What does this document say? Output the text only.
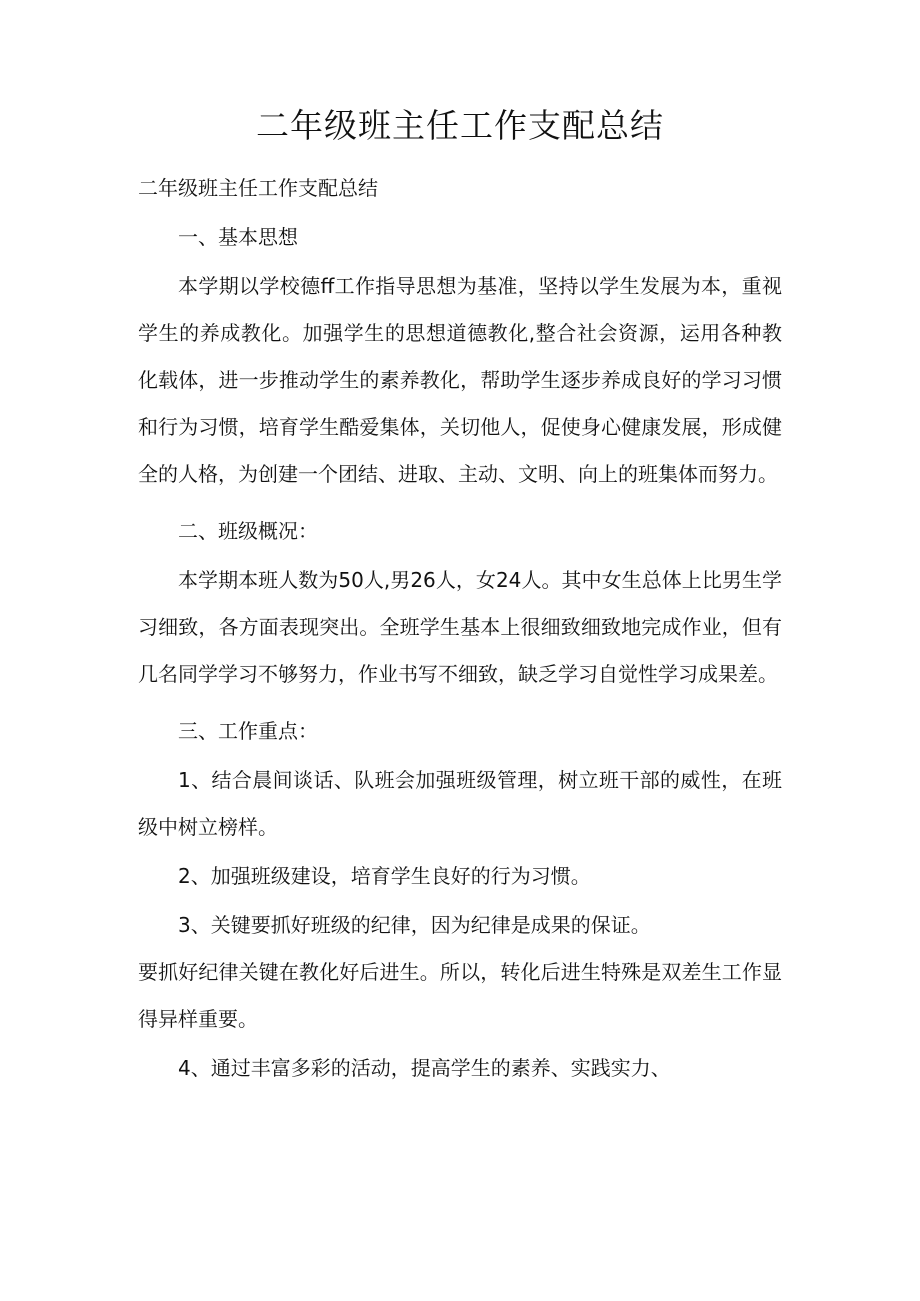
二年级班主任工作支配总结

二年级班主任工作支配总结

一、基本思想

本学期以学校德ff工作指导思想为基准，坚持以学生发展为本，重视学生的养成教化。加强学生的思想道德教化,整合社会资源，运用各种教化载体，进一步推动学生的素养教化，帮助学生逐步养成良好的学习习惯和行为习惯，培育学生酷爱集体，关切他人，促使身心健康发展，形成健全的人格，为创建一个团结、进取、主动、文明、向上的班集体而努力。

二、班级概况：

本学期本班人数为50人,男26人，女24人。其中女生总体上比男生学习细致，各方面表现突出。全班学生基本上很细致细致地完成作业，但有几名同学学习不够努力，作业书写不细致，缺乏学习自觉性学习成果差。

三、工作重点：

1、结合晨间谈话、队班会加强班级管理，树立班干部的威性，在班级中树立榜样。

2、加强班级建设，培育学生良好的行为习惯。

3、关键要抓好班级的纪律，因为纪律是成果的保证。

要抓好纪律关键在教化好后进生。所以，转化后进生特殊是双差生工作显得异样重要。

4、通过丰富多彩的活动，提高学生的素养、实践实力、
